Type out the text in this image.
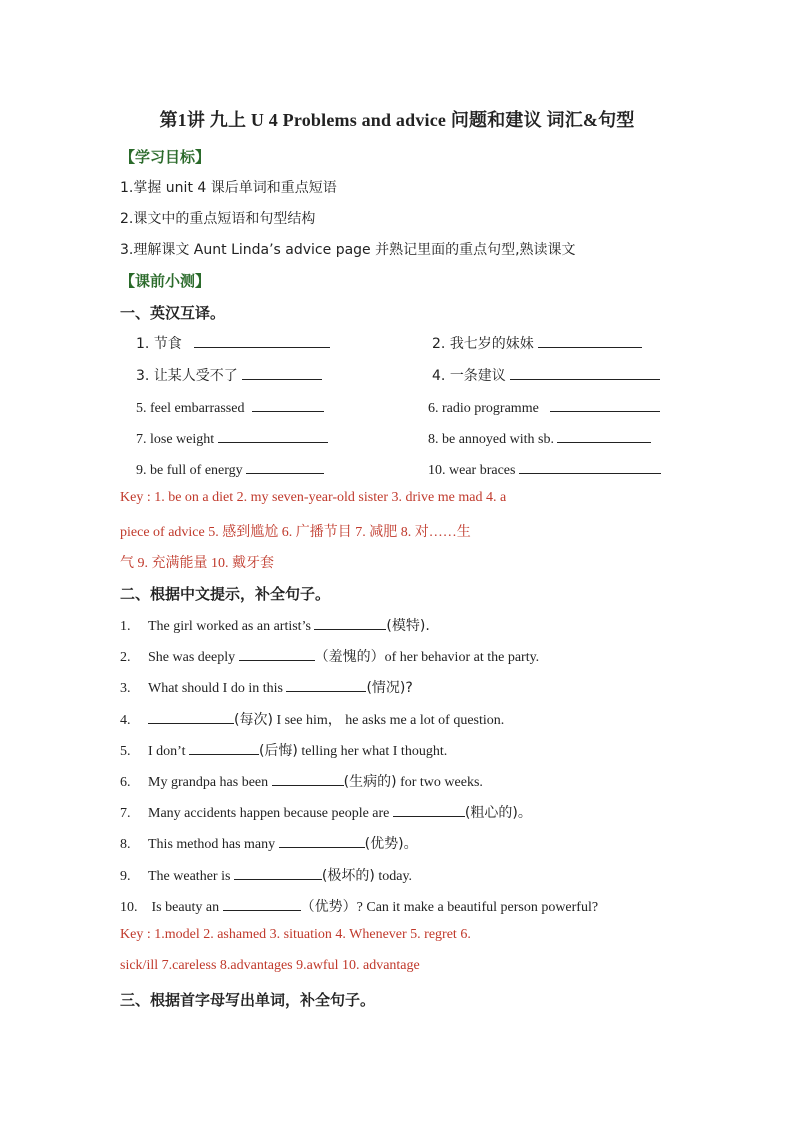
第1讲 九上 U 4 Problems and advice 问题和建议 词汇&句型
【学习目标】
1.掌握 unit 4 课后单词和重点短语
2.课文中的重点短语和句型结构
3.理解课文 Aunt Linda’s advice page 并熟记里面的重点句型,熟读课文
【课前小测】
一、英汉互译。
1. 节食	2. 我七岁的妹妹
3. 让某人受不了	4. 一条建议
5. feel embarrassed	6. radio programme
7. lose weight	8. be annoyed with sb.
9. be full of energy	10. wear braces
Key : 1. be on a diet 2. my seven-year-old sister 3. drive me mad 4. a
piece of advice 5. 感到尴尬 6. 广播节目 7. 减肥 8. 对……生
气 9. 充满能量 10. 戴牙套
二、根据中文提示，补全句子。
1. The girl worked as an artist’s	(模特).
2. She was deeply	（羞愧的）of her behavior at the party.
3. What should I do in this	(情况)?
4.	(每次) I see him， he asks me a lot of question.
5. I don’t	(后悔) telling her what I thought.
6. My grandpa has been	(生病的) for two weeks.
7. Many accidents happen because people are	(粗心的)。
8. This method has many	(优势)。
9. The weather is	(极坏的) today.
10. Is beauty an	（优势）? Can it make a beautiful person powerful?
Key : 1.model 2. ashamed 3. situation 4. Whenever 5. regret 6.
sick/ill 7.careless 8.advantages 9.awful 10. advantage
三、根据首字母写出单词，补全句子。
